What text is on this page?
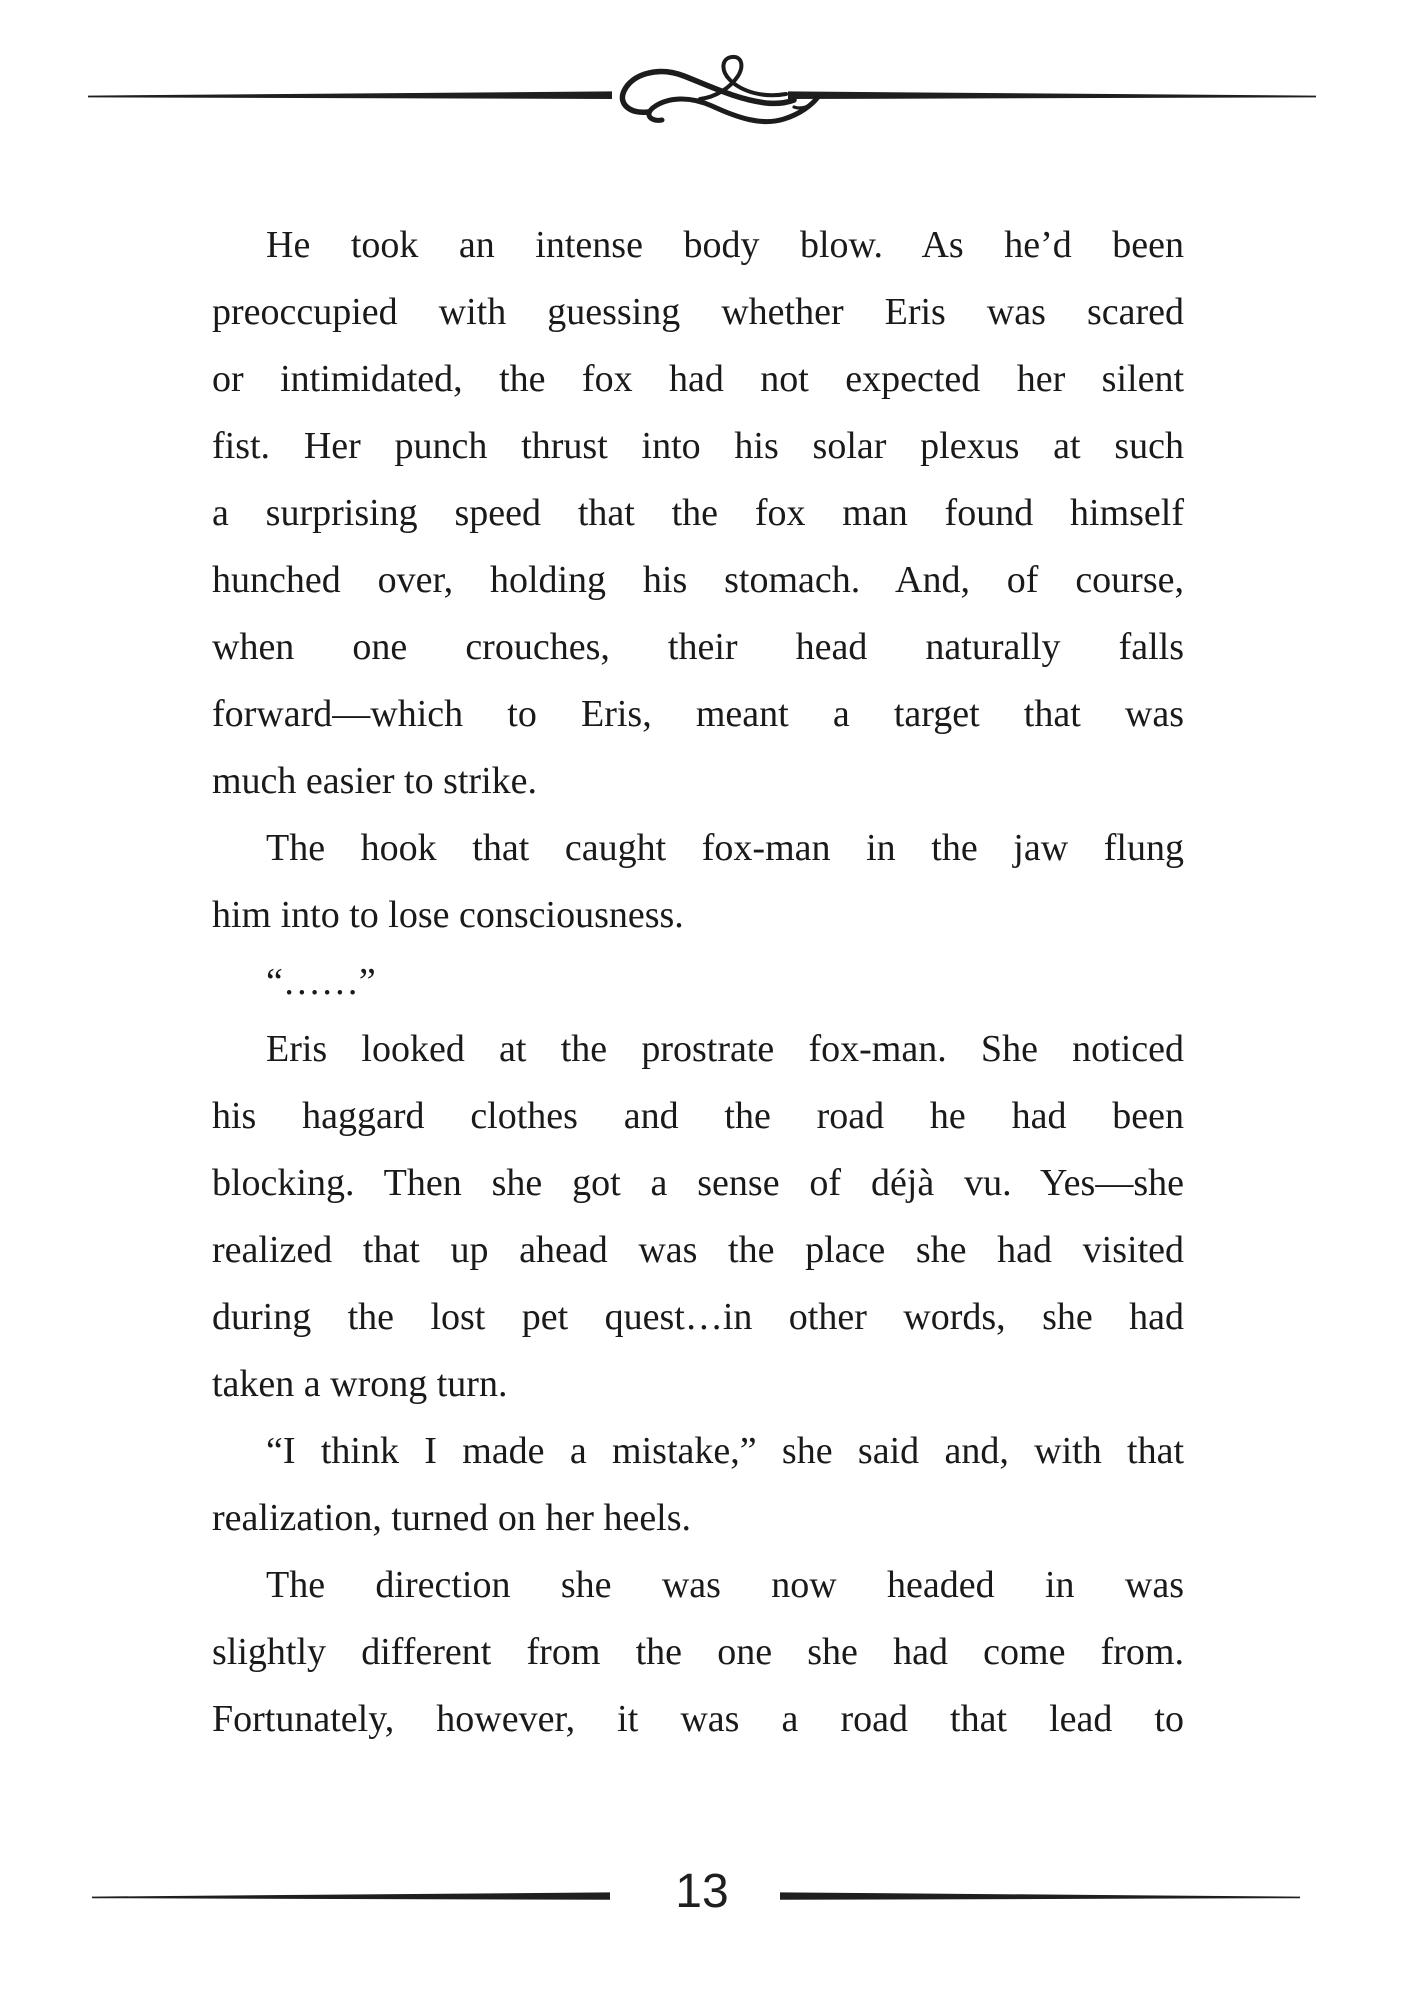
He took an intense body blow. As he’d been
preoccupied with guessing whether Eris was scared
or intimidated, the fox had not expected her silent
fist. Her punch thrust into his solar plexus at such
a surprising speed that the fox man found himself
hunched over, holding his stomach. And, of course,
when one crouches, their head naturally falls
forward—which to Eris, meant a target that was
much easier to strike.
The hook that caught fox-man in the jaw flung
him into to lose consciousness.
“……”
Eris looked at the prostrate fox-man. She noticed
his haggard clothes and the road he had been
blocking. Then she got a sense of déjà vu. Yes—she
realized that up ahead was the place she had visited
during the lost pet quest…in other words, she had
taken a wrong turn.
“I think I made a mistake,” she said and, with that
realization, turned on her heels.
The direction she was now headed in was
slightly different from the one she had come from.
Fortunately, however, it was a road that lead to
13
